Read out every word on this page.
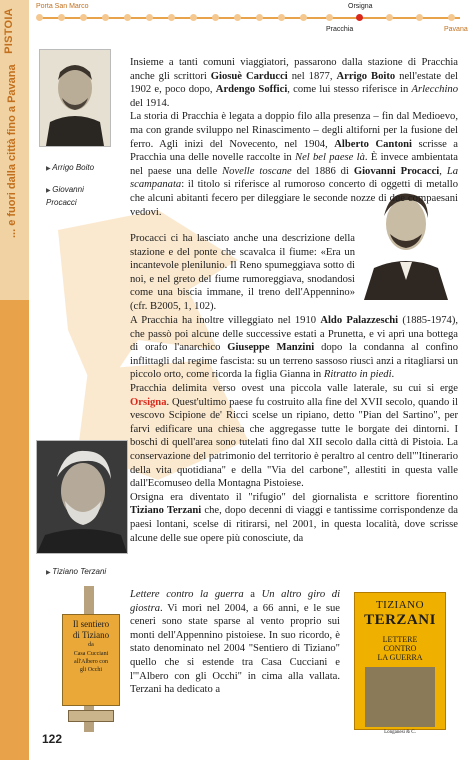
PISTOIA
... e fuori dalla città fino a Pavana
Porta San Marco	Orsigna
Pracchia	Pavana
▶ Arrigo Boito
▶ Giovanni Procacci
▶ Tiziano Terzani
Il sentiero
di Tiziano
da
Casa Cucciani
all'Albero con
gli Occhi
122
TIZIANO
TERZANI
LETTERE
CONTRO
LA GUERRA
Longanesi & C.

Insieme a tanti comuni viaggiatori, passarono dalla stazione di Pracchia anche gli scrittori Giosuè Carducci nel 1877, Arrigo Boito nell'estate del 1902 e, poco dopo, Ardengo Soffici, come lui stesso riferisce in Arlecchino del 1914.

La storia di Pracchia è legata a doppio filo alla presenza – fin dal Medioevo, ma con grande sviluppo nel Rinascimento – degli altiforni per la fusione del ferro. Agli inizi del Novecento, nel 1904, Alberto Cantoni scrisse a Pracchia una delle novelle raccolte in Nel bel paese là. È invece ambientata nel paese una delle Novelle toscane del 1886 di Giovanni Procacci, La scampanata: il titolo si riferisce al rumoroso concerto di oggetti di metallo che alcuni abitanti fecero per dileggiare le seconde nozze di due compaesani vedovi.

Procacci ci ha lasciato anche una descrizione della stazione e del ponte che scavalca il fiume: «Era un incantevole plenilunio. Il Reno spumeggiava sotto di noi, e nel greto del fiume rumoreggiava, snodandosi come una biscia immane, il treno dell'Appennino» (cfr. B2005, 1, 102).

A Pracchia ha inoltre villeggiato nel 1910 Aldo Palazzeschi (1885-1974), che passò poi alcune delle successive estati a Prunetta, e vi aprì una bottega di orafo l'anarchico Giuseppe Manzini dopo la condanna al confino inflittagli dal regime fascista: su un terreno sassoso riuscì anzi a ritagliarsi un piccolo orto, come ricorda la figlia Gianna in Ritratto in piedi.

Pracchia delimita verso ovest una piccola valle laterale, su cui si erge Orsigna. Quest'ultimo paese fu costruito alla fine del XVII secolo, quando il vescovo Scipione de' Ricci scelse un ripiano, detto "Pian del Sartino", per farvi edificare una chiesa che aggregasse tutte le borgate dei dintorni. I boschi di quell'area sono tutelati fino dal XII secolo dalla città di Pistoia. La conservazione del patrimonio del territorio è peraltro al centro dell'"Itinerario della vita quotidiana" e della "Via del carbone", allestiti in questa valle dall'Ecomuseo della Montagna Pistoiese.

Orsigna era diventato il "rifugio" del giornalista e scrittore fiorentino Tiziano Terzani che, dopo decenni di viaggi e tantissime corrispondenze da paesi lontani, scelse di ritirarsi, nel 2001, in questa località, dove scrisse alcune delle sue opere più conosciute, da

Lettere contro la guerra a Un altro giro di giostra. Vi morì nel 2004, a 66 anni, e le sue ceneri sono state sparse al vento proprio sui monti dell'Appennino pistoiese. In suo ricordo, è stato denominato nel 2004 "Sentiero di Tiziano" quello che si estende tra Casa Cucciani e l'"Albero con gli Occhi" in cima alla vallata. Terzani ha dedicato a
